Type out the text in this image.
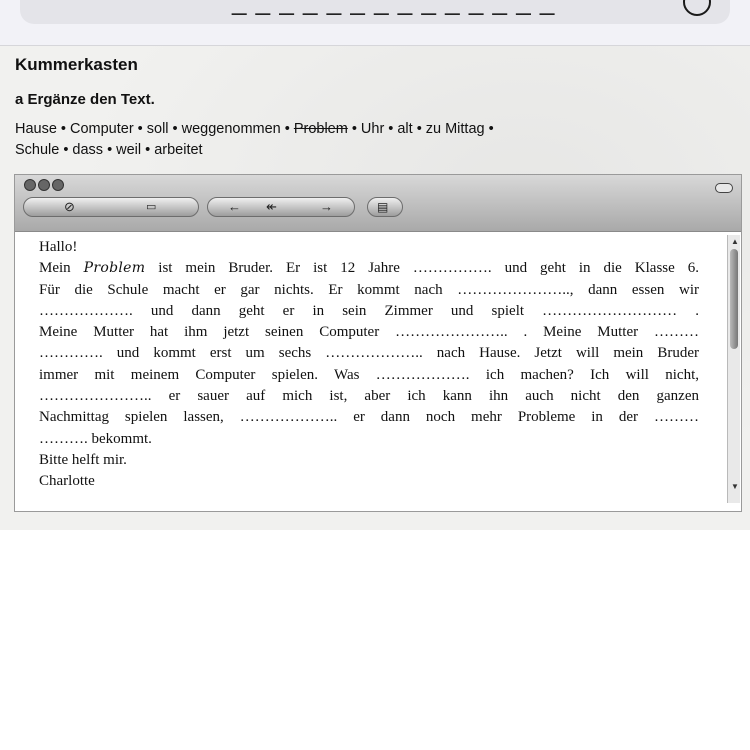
_ _ _ _ _ _ _ _ _ _ _ _ _ _
Kummerkasten
a Ergänze den Text.
Hause • Computer • soll • weggenommen • Problem • Uhr • alt • zu Mittag •
Schule • dass • weil • arbeitet
⊘	▭	← ↞	→	▤
Hallo!
Mein Problem ist mein Bruder. Er ist 12 Jahre ……………. und geht in die Klasse 6.
Für die Schule macht er gar nichts. Er kommt nach ………………….., dann essen wir
………………. und dann geht er in sein Zimmer und spielt ……………………… .
Meine Mutter hat ihm jetzt seinen Computer ………………….. . Meine Mutter ………
…………. und kommt erst um sechs ……………….. nach Hause. Jetzt will mein Bruder
immer mit meinem Computer spielen. Was ………………. ich machen? Ich will nicht,
………………….. er sauer auf mich ist, aber ich kann ihn auch nicht den ganzen
Nachmittag spielen lassen, ……………….. er dann noch mehr Probleme in der ………
………. bekommt.
Bitte helft mir.
Charlotte
▲
▼
